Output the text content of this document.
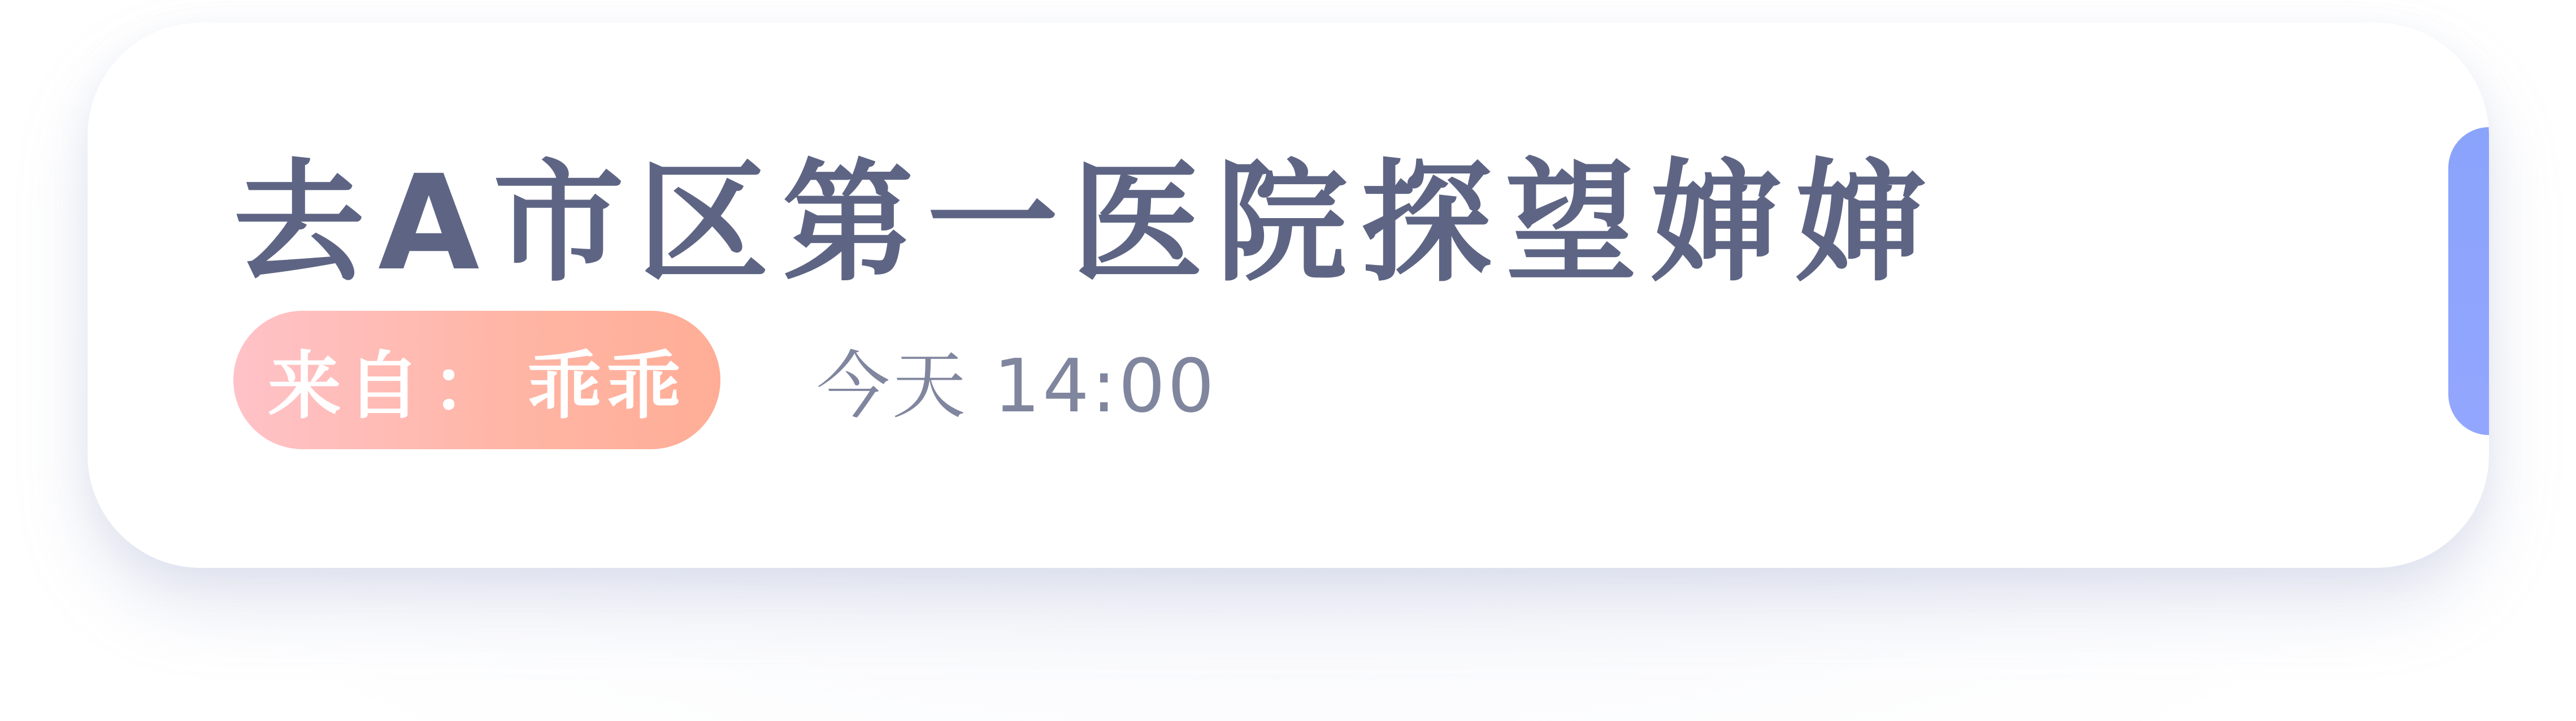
去A市区第一医院探望婶婶
来自 ： 乖乖 今天 14:00
